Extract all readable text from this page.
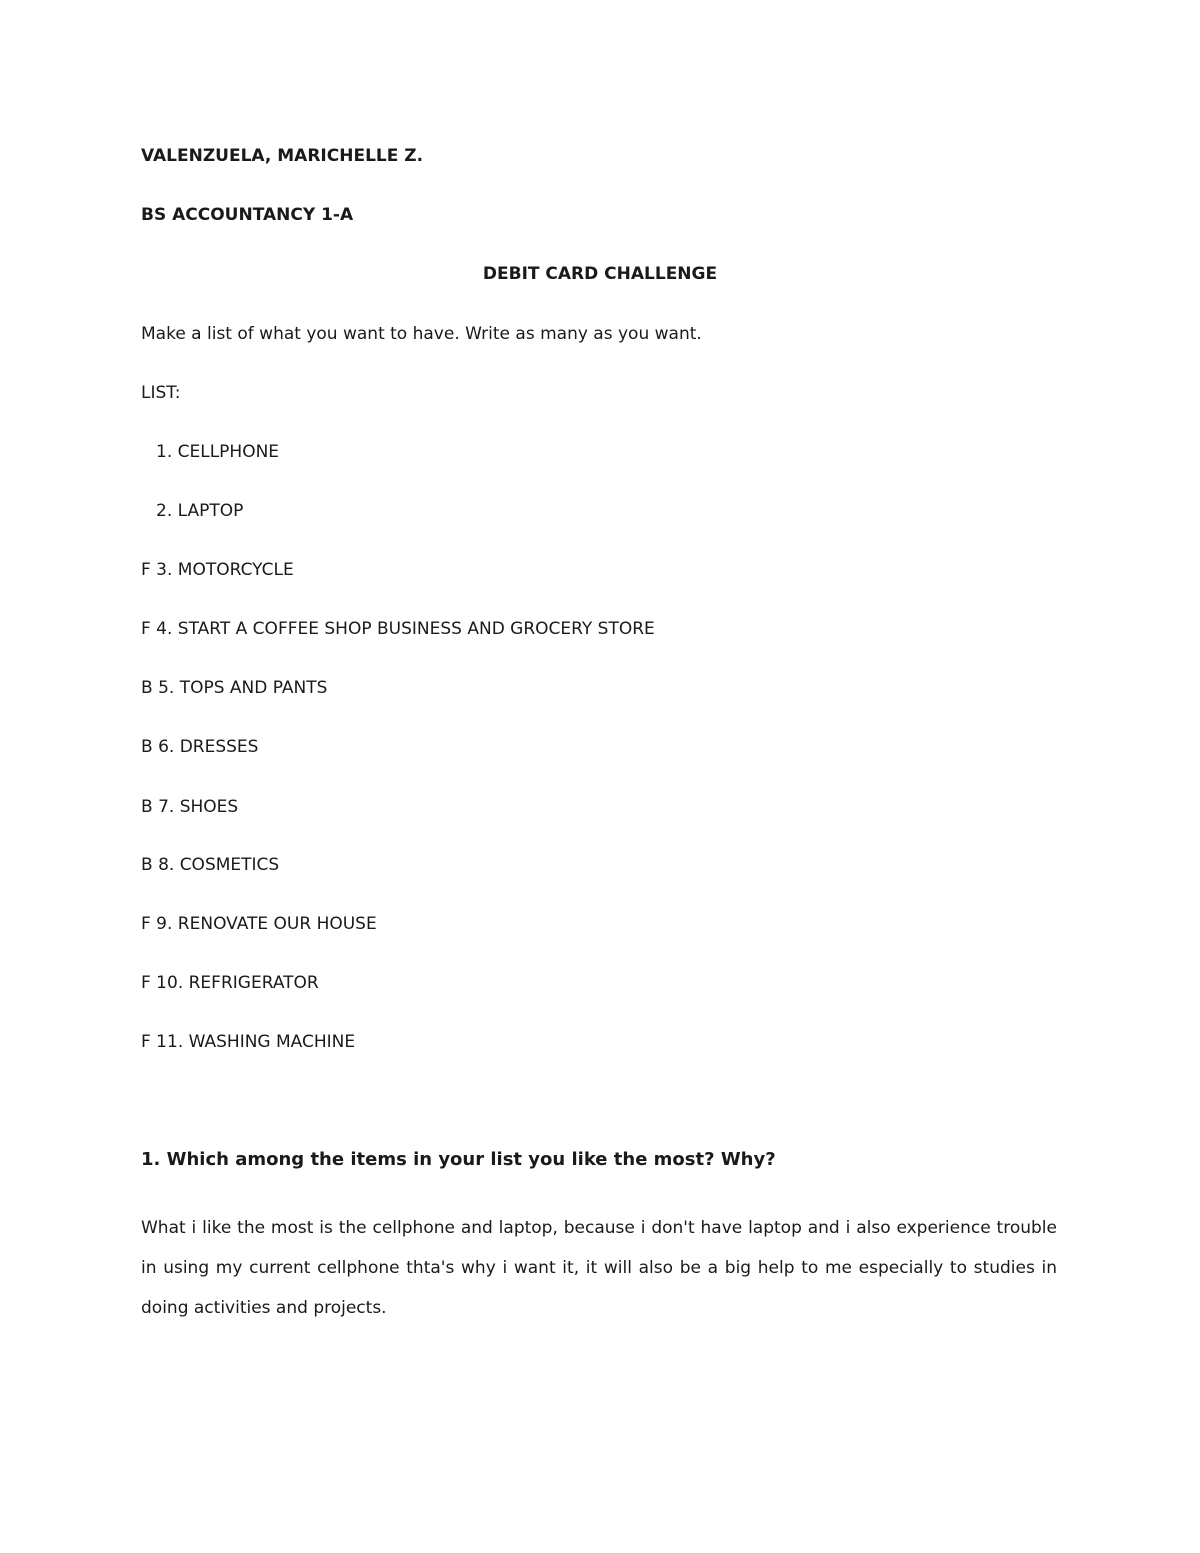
VALENZUELA, MARICHELLE Z.
BS ACCOUNTANCY 1-A
DEBIT CARD CHALLENGE
Make a list of what you want to have. Write as many as you want.
LIST:
1. CELLPHONE
2. LAPTOP
F 3. MOTORCYCLE
F 4. START A COFFEE SHOP BUSINESS AND GROCERY STORE
B 5. TOPS AND PANTS
B 6. DRESSES
B 7. SHOES
B 8. COSMETICS
F 9. RENOVATE OUR HOUSE
F 10. REFRIGERATOR
F 11. WASHING MACHINE
1. Which among the items in your list you like the most? Why?
What i like the most is the cellphone and laptop, because i don't have laptop and i also experience trouble in using my current cellphone thta's why i want it, it will also be a big help to me especially to studies in doing activities and projects.
